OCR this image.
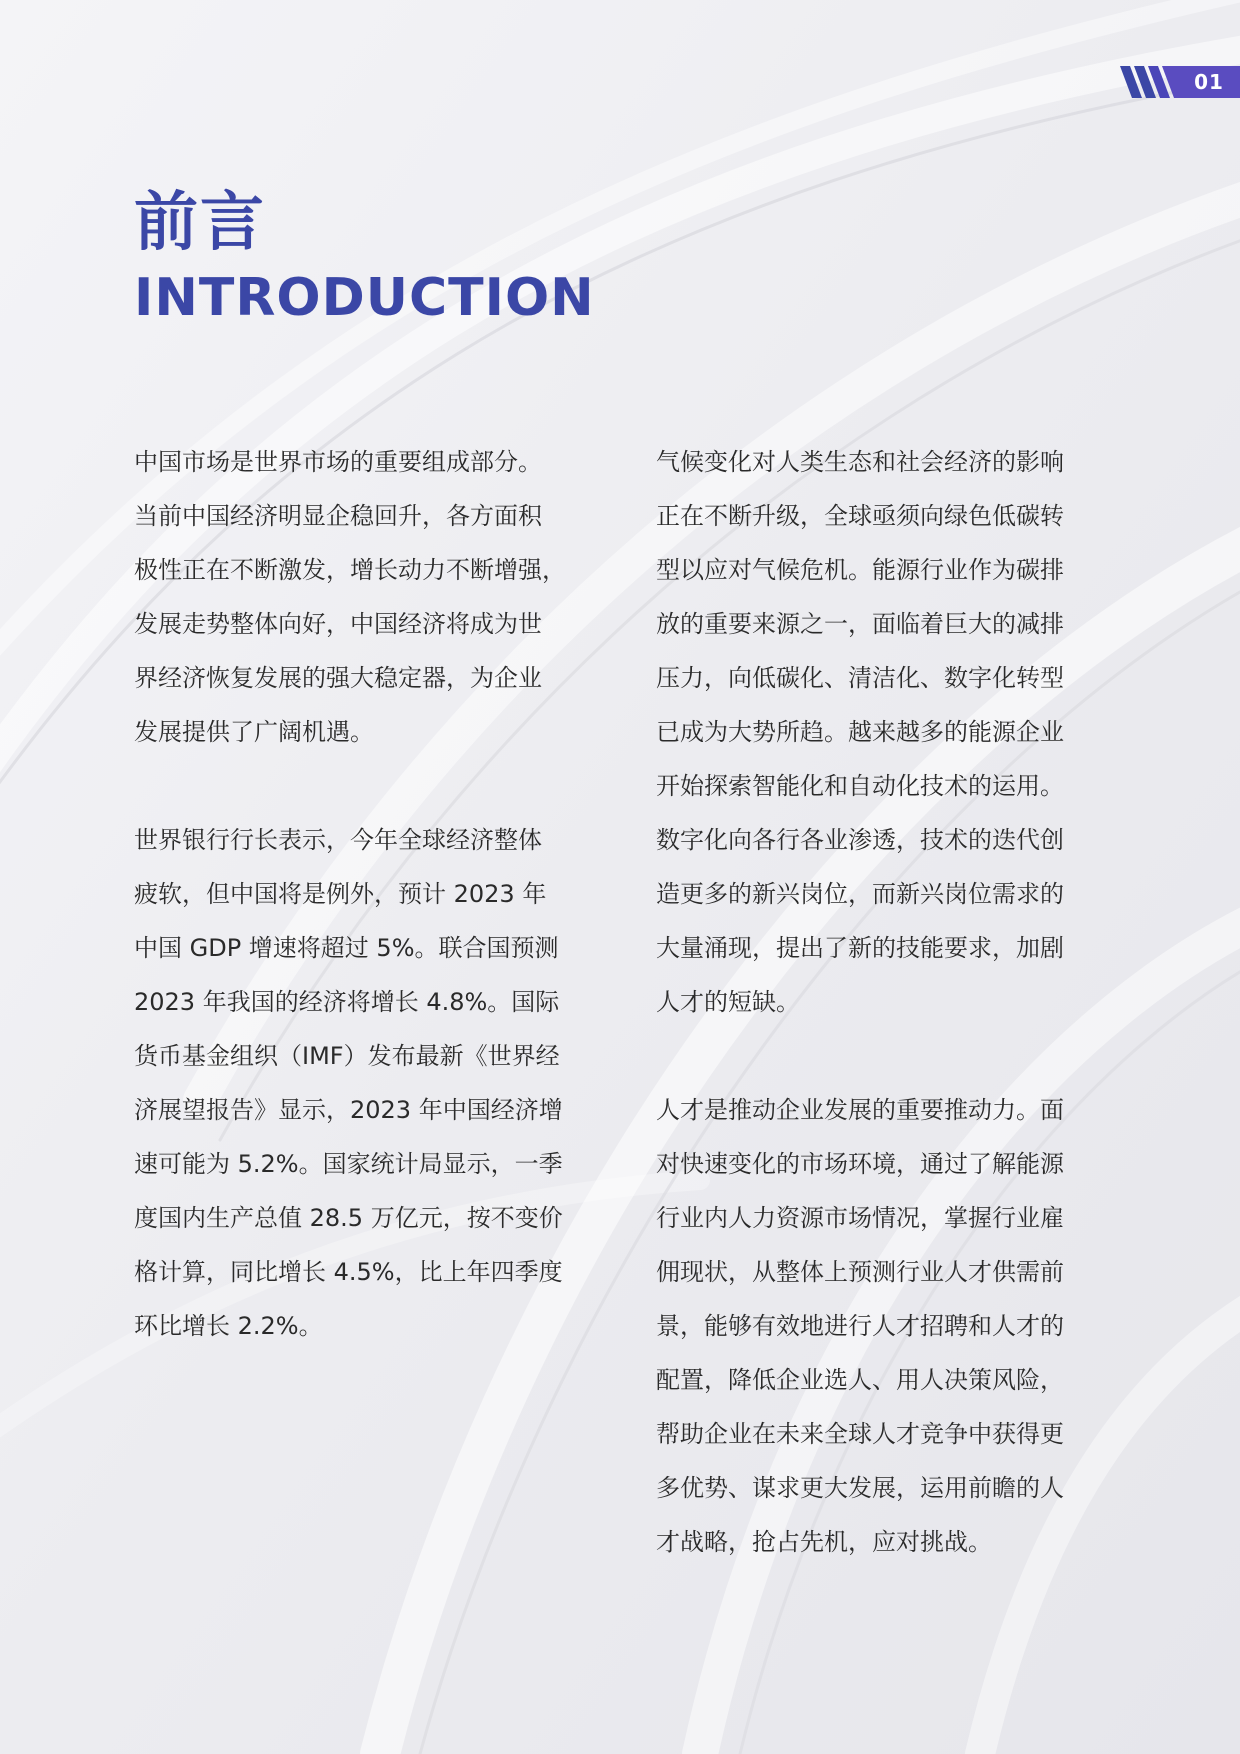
01
前言
INTRODUCTION

中国市场是世界市场的重要组成部分。
当前中国经济明显企稳回升，各方面积
极性正在不断激发，增长动力不断增强，
发展走势整体向好，中国经济将成为世
界经济恢复发展的强大稳定器，为企业
发展提供了广阔机遇。

世界银行行长表示，今年全球经济整体
疲软，但中国将是例外，预计 2023 年
中国 GDP 增速将超过 5%。联合国预测
2023 年我国的经济将增长 4.8%。国际
货币基金组织（IMF）发布最新《世界经
济展望报告》显示，2023 年中国经济增
速可能为 5.2%。国家统计局显示，一季
度国内生产总值 28.5 万亿元，按不变价
格计算，同比增长 4.5%，比上年四季度
环比增长 2.2%。

气候变化对人类生态和社会经济的影响
正在不断升级，全球亟须向绿色低碳转
型以应对气候危机。能源行业作为碳排
放的重要来源之一，面临着巨大的减排
压力，向低碳化、清洁化、数字化转型
已成为大势所趋。越来越多的能源企业
开始探索智能化和自动化技术的运用。
数字化向各行各业渗透，技术的迭代创
造更多的新兴岗位，而新兴岗位需求的
大量涌现，提出了新的技能要求，加剧
人才的短缺。

人才是推动企业发展的重要推动力。面
对快速变化的市场环境，通过了解能源
行业内人力资源市场情况，掌握行业雇
佣现状，从整体上预测行业人才供需前
景，能够有效地进行人才招聘和人才的
配置，降低企业选人、用人决策风险，
帮助企业在未来全球人才竞争中获得更
多优势、谋求更大发展，运用前瞻的人
才战略，抢占先机，应对挑战。
